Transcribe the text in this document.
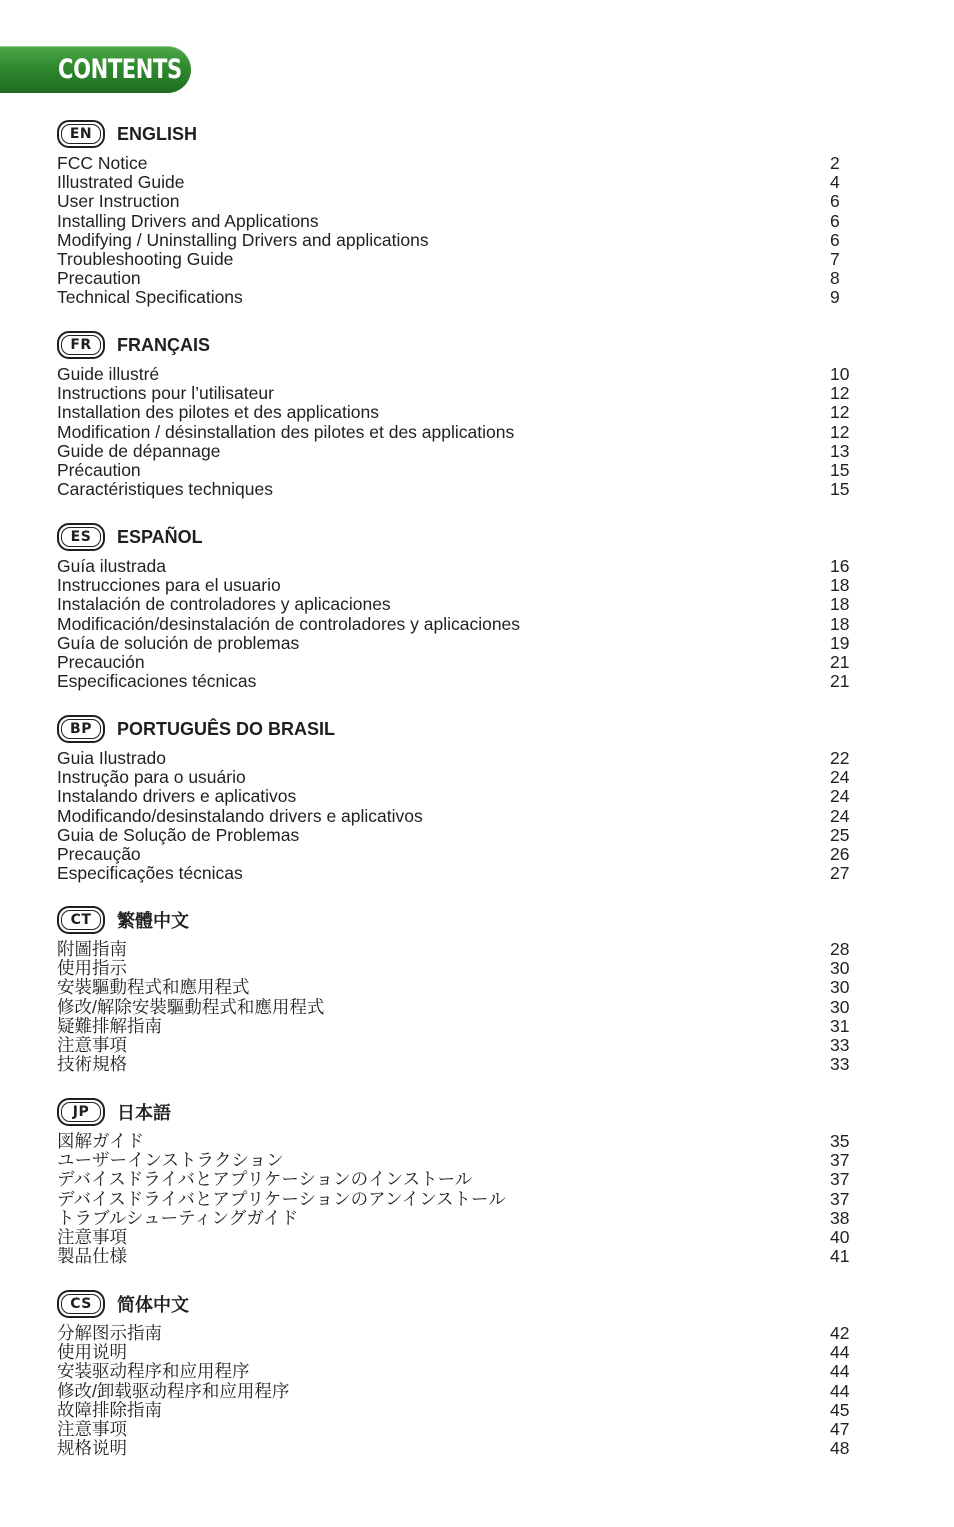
CONTENTS
EN ENGLISH
FCC Notice	2
Illustrated Guide	4
User Instruction	6
Installing Drivers and Applications	6
Modifying / Uninstalling Drivers and applications	6
Troubleshooting Guide	7
Precaution	8
Technical Specifications	9
FR FRANÇAIS
Guide illustré	10
Instructions pour l’utilisateur	12
Installation des pilotes et des applications	12
Modification / désinstallation des pilotes et des applications	12
Guide de dépannage	13
Précaution	15
Caractéristiques techniques	15
ES ESPAÑOL
Guía ilustrada	16
Instrucciones para el usuario	18
Instalación de controladores y aplicaciones	18
Modificación/desinstalación de controladores y aplicaciones	18
Guía de solución de problemas	19
Precaución	21
Especificaciones técnicas	21
BP PORTUGUÊS DO BRASIL
Guia Ilustrado	22
Instrução para o usuário	24
Instalando drivers e aplicativos	24
Modificando/desinstalando drivers e aplicativos	24
Guia de Solução de Problemas	25
Precaução	26
Especificações técnicas	27
CT 繁體中文
附圖指南	28
使用指示	30
安裝驅動程式和應用程式	30
修改/解除安裝驅動程式和應用程式	30
疑難排解指南	31
注意事項	33
技術規格	33
JP 日本語
図解ガイド	35
ユーザーインストラクション	37
デバイスドライバとアプリケーションのインストール	37
デバイスドライバとアプリケーションのアンインストール	37
トラブルシューティングガイド	38
注意事項	40
製品仕様	41
CS 简体中文
分解图示指南	42
使用说明	44
安装驱动程序和应用程序	44
修改/卸载驱动程序和应用程序	44
故障排除指南	45
注意事项	47
规格说明	48
